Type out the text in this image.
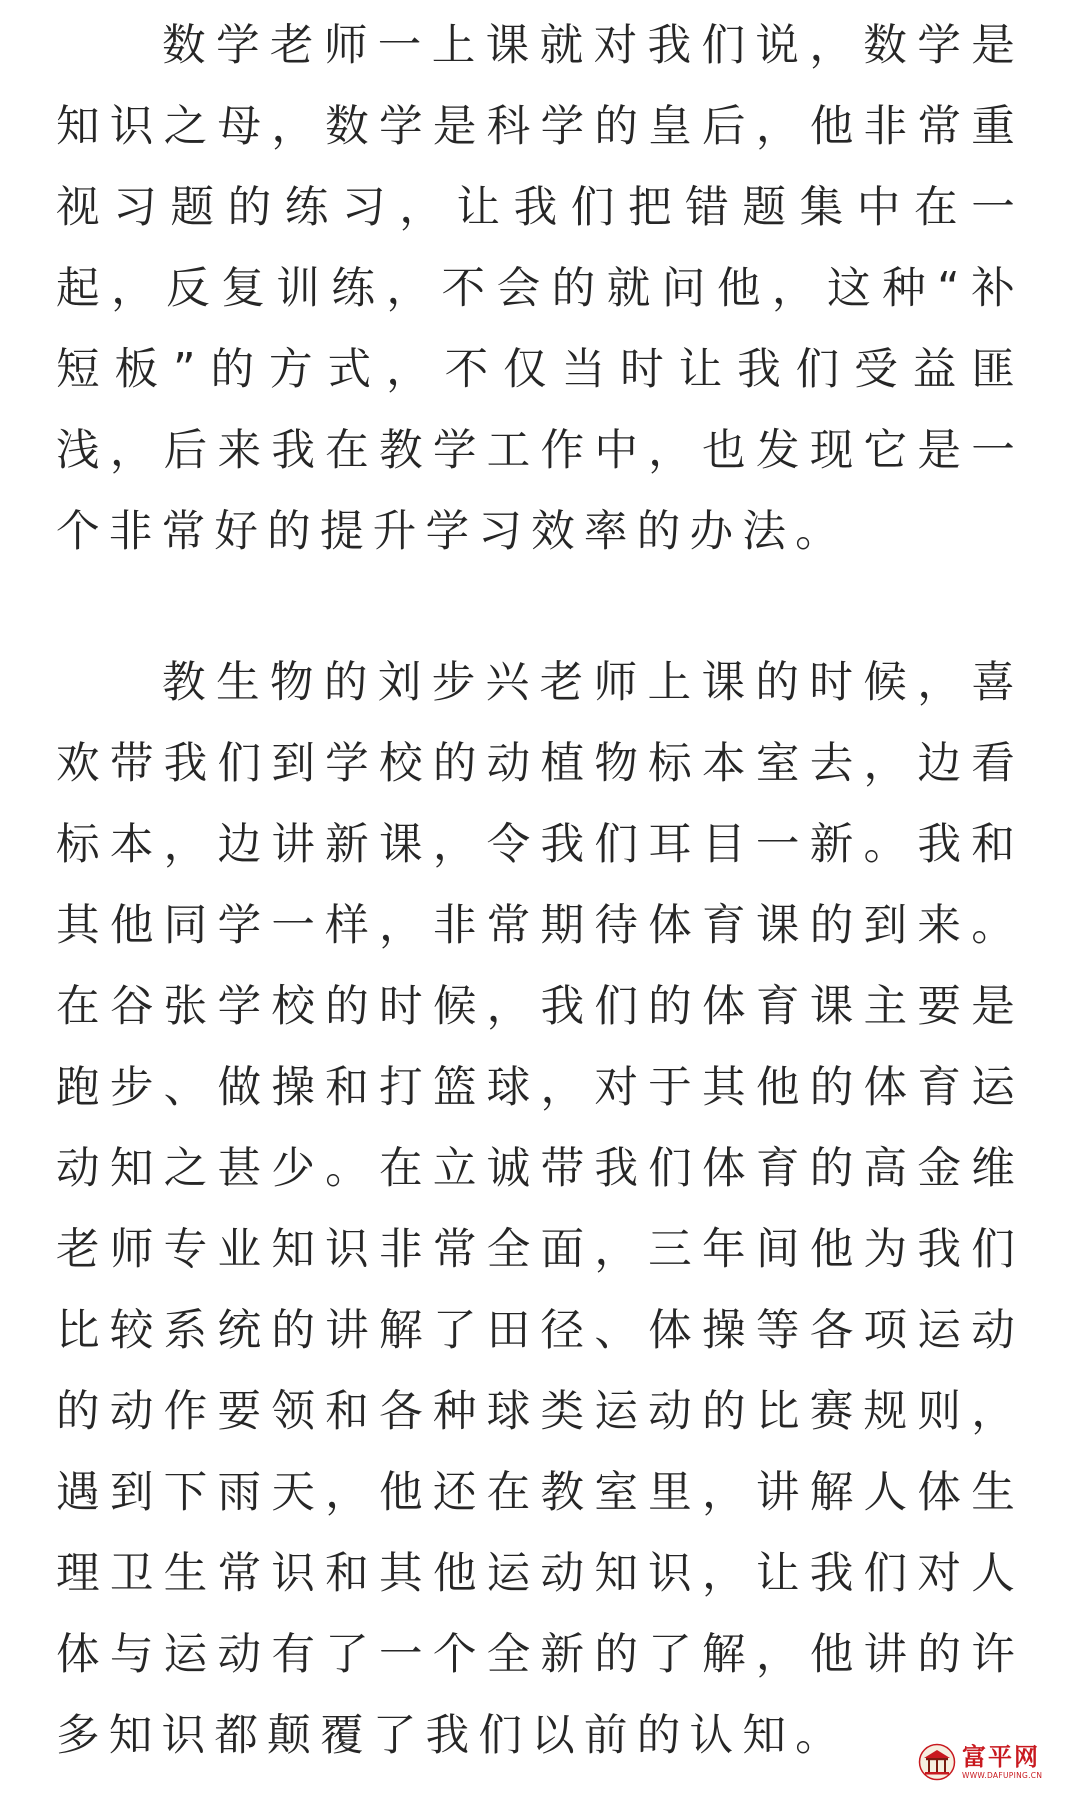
数学老师一上课就对我们说，数学是知识之母，数学是科学的皇后，他非常重视习题的练习，让我们把错题集中在一起，反复训练，不会的就问他，这种“补短板”的方式，不仅当时让我们受益匪浅，后来我在教学工作中，也发现它是一个非常好的提升学习效率的办法。

教生物的刘步兴老师上课的时候，喜欢带我们到学校的动植物标本室去，边看标本，边讲新课，令我们耳目一新。我和其他同学一样，非常期待体育课的到来。在谷张学校的时候，我们的体育课主要是跑步、做操和打篮球，对于其他的体育运动知之甚少。在立诚带我们体育的高金维老师专业知识非常全面，三年间他为我们比较系统的讲解了田径、体操等各项运动的动作要领和各种球类运动的比赛规则，遇到下雨天，他还在教室里，讲解人体生理卫生常识和其他运动知识，让我们对人体与运动有了一个全新的了解，他讲的许多知识都颠覆了我们以前的认知。	富平网
WWW.DAFUPING.CN
